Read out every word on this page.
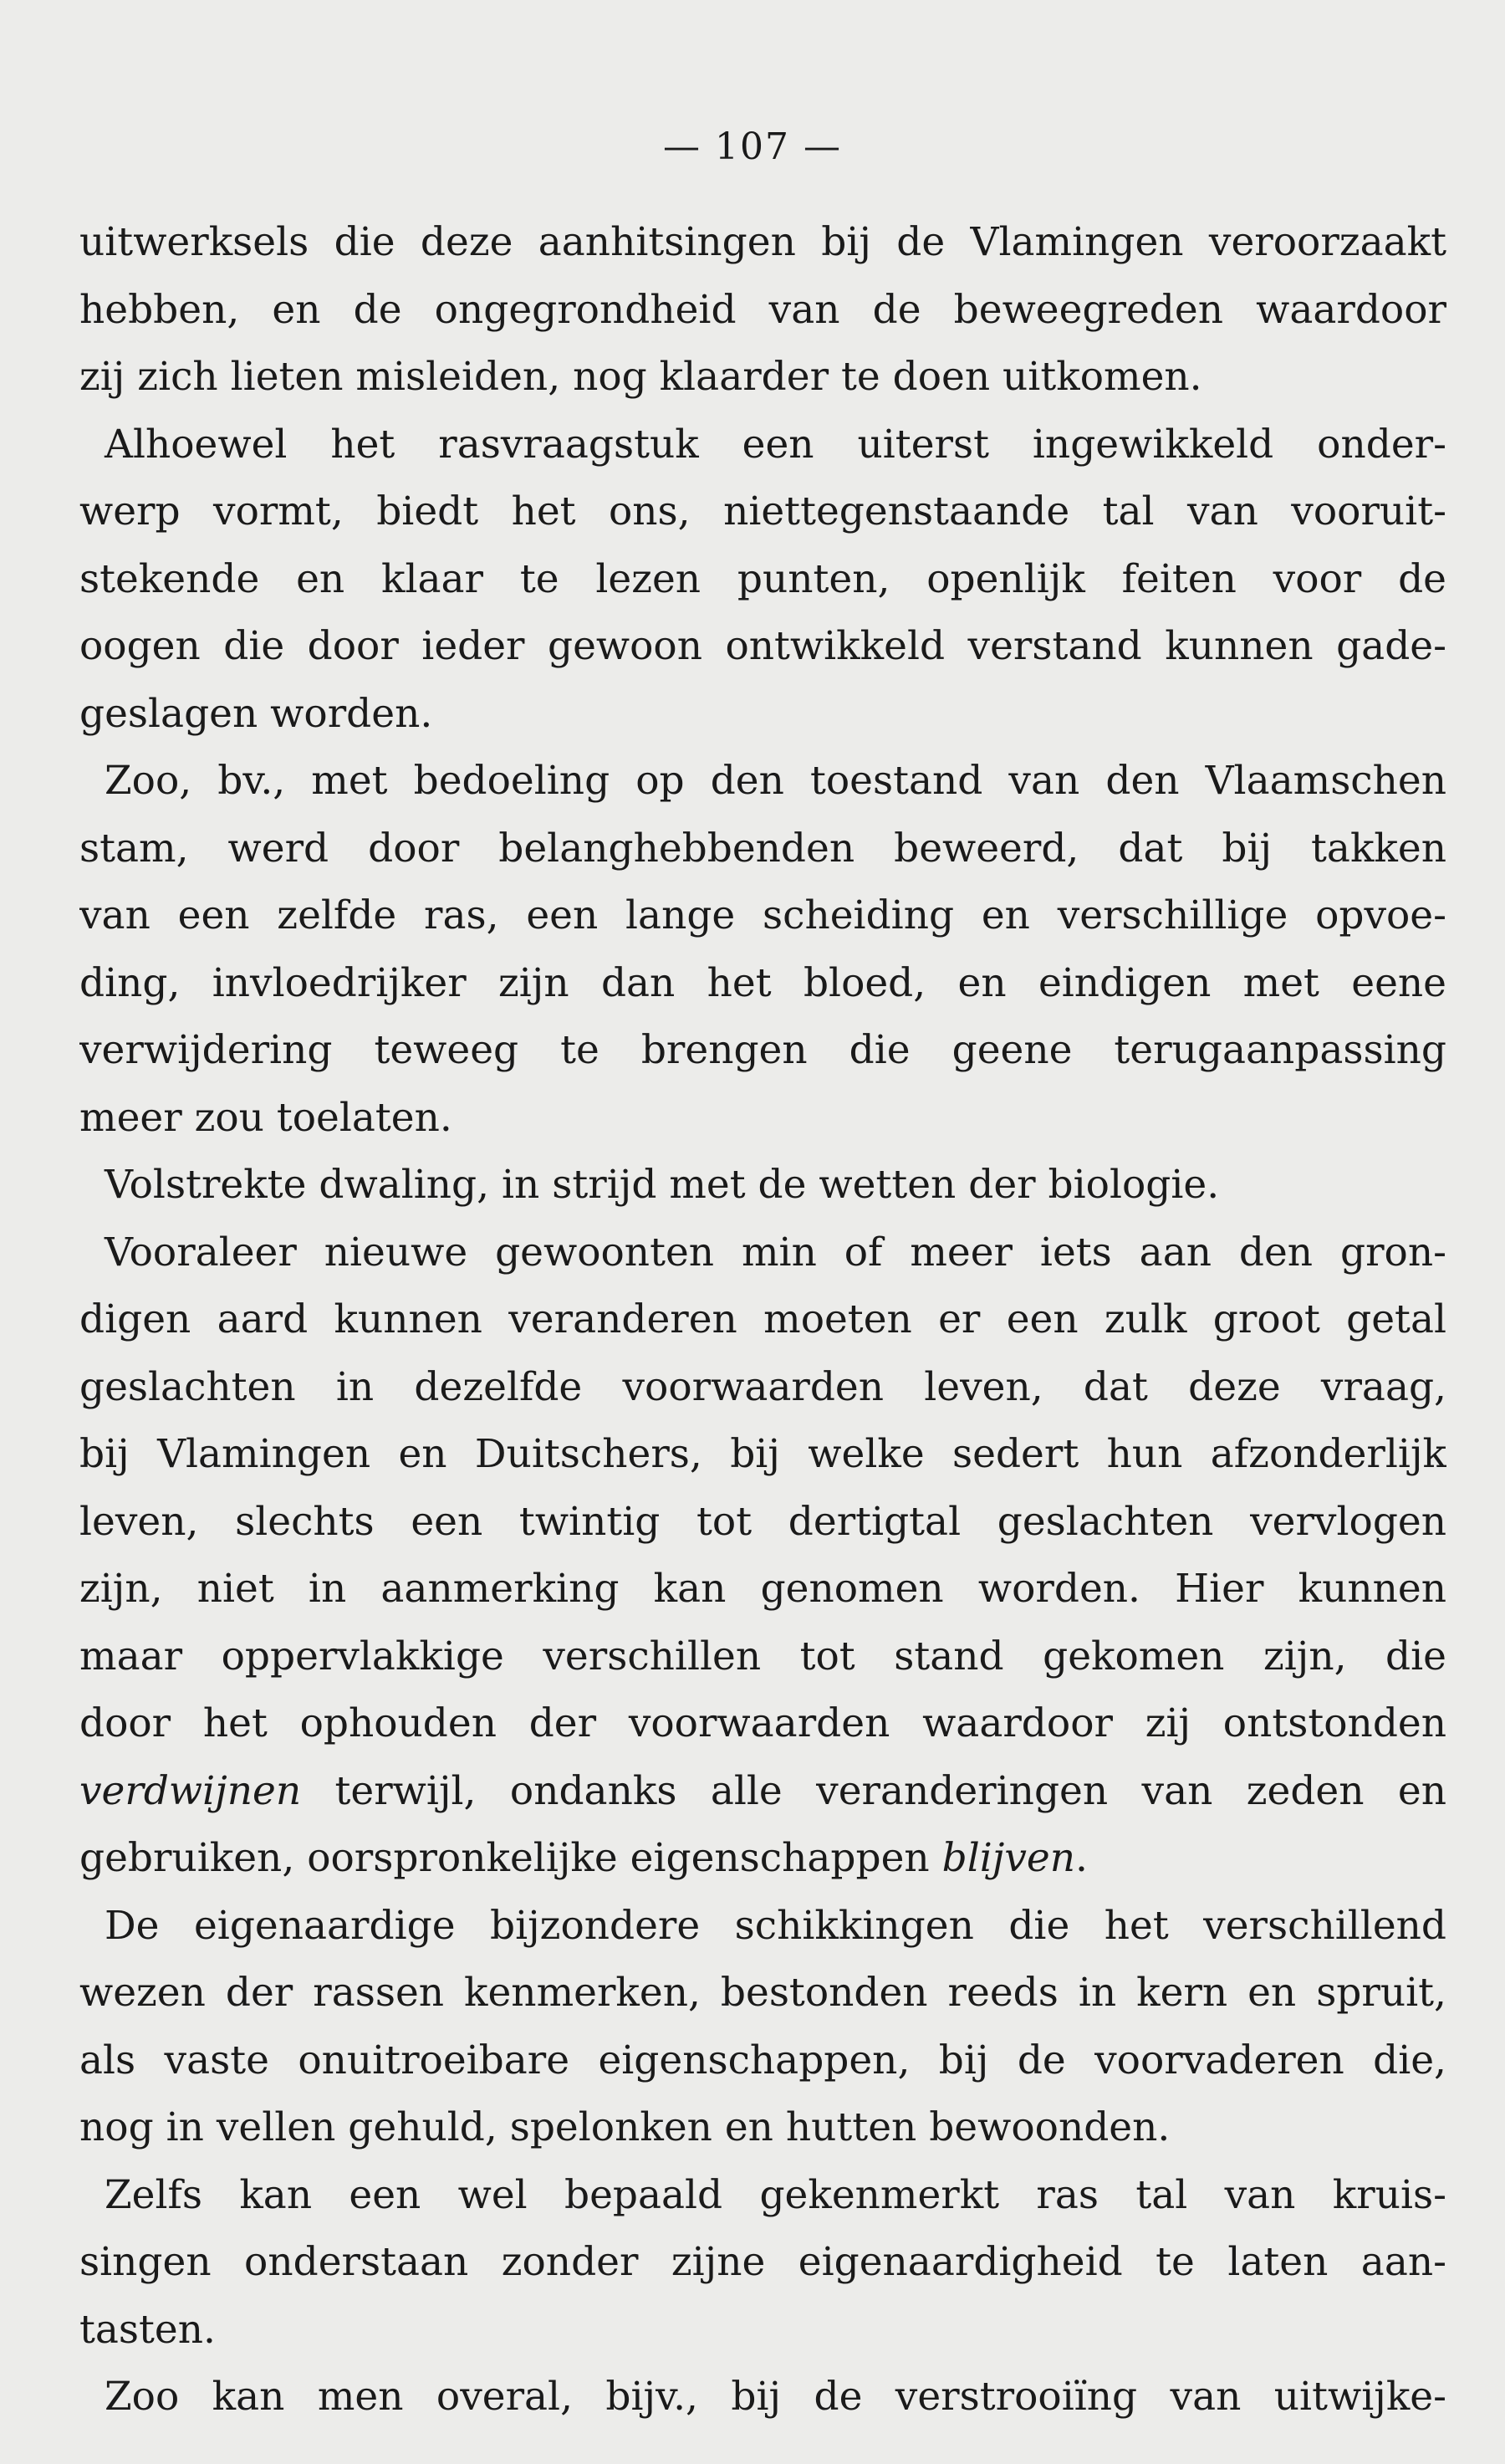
— 107 —
uitwerksels die deze aanhitsingen bij de Vlamingen veroorzaakt
hebben, en de ongegrondheid van de beweegreden waardoor
zij zich lieten misleiden, nog klaarder te doen uitkomen.
Alhoewel het rasvraagstuk een uiterst ingewikkeld onder-
werp vormt, biedt het ons, niettegenstaande tal van vooruit-
stekende en klaar te lezen punten, openlijk feiten voor de
oogen die door ieder gewoon ontwikkeld verstand kunnen gade-
geslagen worden.
Zoo, bv., met bedoeling op den toestand van den Vlaamschen
stam, werd door belanghebbenden beweerd, dat bij takken
van een zelfde ras, een lange scheiding en verschillige opvoe-
ding, invloedrijker zijn dan het bloed, en eindigen met eene
verwijdering teweeg te brengen die geene terugaanpassing
meer zou toelaten.
Volstrekte dwaling, in strijd met de wetten der biologie.
Vooraleer nieuwe gewoonten min of meer iets aan den gron-
digen aard kunnen veranderen moeten er een zulk groot getal
geslachten in dezelfde voorwaarden leven, dat deze vraag,
bij Vlamingen en Duitschers, bij welke sedert hun afzonderlijk
leven, slechts een twintig tot dertigtal geslachten vervlogen
zijn, niet in aanmerking kan genomen worden. Hier kunnen
maar oppervlakkige verschillen tot stand gekomen zijn, die
door het ophouden der voorwaarden waardoor zij ontstonden
verdwijnen terwijl, ondanks alle veranderingen van zeden en
gebruiken, oorspronkelijke eigenschappen blijven.
De eigenaardige bijzondere schikkingen die het verschillend
wezen der rassen kenmerken, bestonden reeds in kern en spruit,
als vaste onuitroeibare eigenschappen, bij de voorvaderen die,
nog in vellen gehuld, spelonken en hutten bewoonden.
Zelfs kan een wel bepaald gekenmerkt ras tal van kruis-
singen onderstaan zonder zijne eigenaardigheid te laten aan-
tasten.
Zoo kan men overal, bijv., bij de verstrooiïng van uitwijke-
